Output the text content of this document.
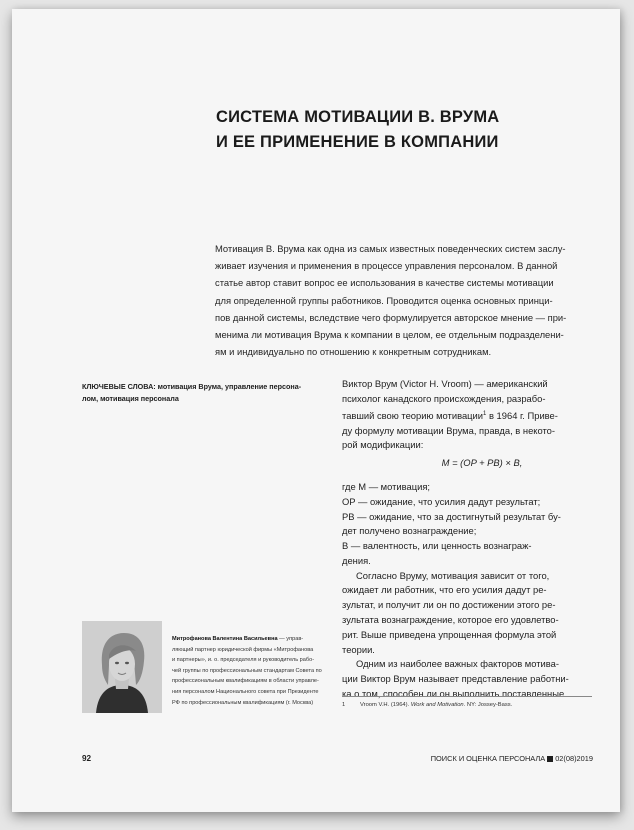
СИСТЕМА МОТИВАЦИИ В. ВРУМА
И ЕЕ ПРИМЕНЕНИЕ В КОМПАНИИ
Мотивация В. Врума как одна из самых известных поведенческих систем заслу-
живает изучения и применения в процессе управления персоналом. В данной
статье автор ставит вопрос ее использования в качестве системы мотивации
для определенной группы работников. Проводится оценка основных принци-
пов данной системы, вследствие чего формулируется авторское мнение — при-
менима ли мотивация Врума к компании в целом, ее отдельным подразделени-
ям и индивидуально по отношению к конкретным сотрудникам.
КЛЮЧЕВЫЕ СЛОВА: мотивация Врума, управление персона-
лом, мотивация персонала
Виктор Врум (Victor H. Vroom) — американский
психолог канадского происхождения, разрабо-
тавший свою теорию мотивации$^1$ в 1964 г. Приве-
ду формулу мотивации Врума, правда, в некото-
рой модификации:
M = (OP + PB) × B,
где M — мотивация;
OP — ожидание, что усилия дадут результат;
PB — ожидание, что за достигнутый результат бу-
дет получено вознаграждение;
B — валентность, или ценность вознаграж-
дения.
Согласно Вруму, мотивация зависит от того,
ожидает ли работник, что его усилия дадут ре-
зультат, и получит ли он по достижении этого ре-
зультата вознаграждение, которое его удовлетво-
рит. Выше приведена упрощенная формула этой
теории.
Одним из наиболее важных факторов мотива-
ции Виктор Врум называет представление работни-
ка о том, способен ли он выполнить поставленные
Митрофанова Валентина Васильевна — управ-
ляющий партнер юридической фирмы «Митрофанова
и партнеры», и. о. председателя и руководитель рабо-
чей группы по профессиональным стандартам Совета по
профессиональным квалификациям в области управле-
ния персоналом Национального совета при Президенте
РФ по профессиональным квалификациям (г. Москва)	1	Vroom V.H. (1964). Work and Motivation. NY: Jossey-Bass.
92	ПОИСК И ОЦЕНКА ПЕРСОНАЛА 02(08)2019
